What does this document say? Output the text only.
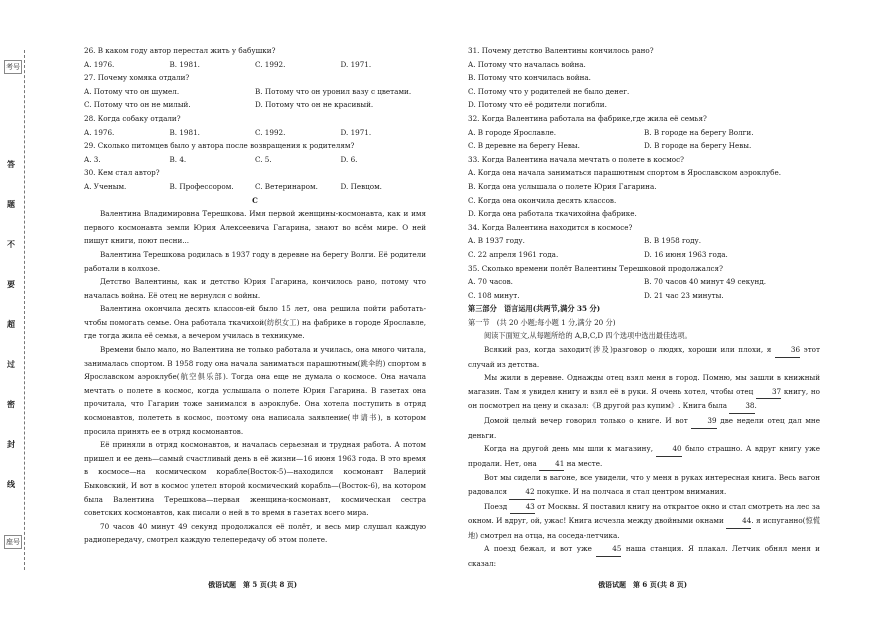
考号
答
题
不
要
超
过
密
封
线
座号
26. В каком году автор перестал жить у бабушки?
A. 1976.	B. 1981.	C. 1992.	D. 1971.
27. Почему хомяка отдали?
A. Потому что он шумел.	B. Потому что он уронил вазу с цветами.
C. Потому что он не милый.	D. Потому что он не красивый.
28. Когда собаку отдали?
A. 1976.	B. 1981.	C. 1992.	D. 1971.
29. Сколько питомцев было у автора после возвращения к родителям?
A. 3.	B. 4.	C. 5.	D. 6.
30. Кем стал автор?
A. Ученым.	B. Профессором.	C. Ветеринаром.	D. Певцом.
C
Валентина Владимировна Терешкова. Имя первой женщины-космонавта, как и имя первого космонавта земли Юрия Алексеевича Гагарина, знают во всём мире. О ней пишут книги, поют песни...
Валентина Терешкова родилась в 1937 году в деревне на берегу Волги. Её родители работали в колхозе.
Детство Валентины, как и детство Юрия Гагарина, кончилось рано, потому что началась война. Её отец не вернулся с войны.
Валентина окончила десять классов-ей было 15 лет, она решила пойти работать-чтобы помогать семье. Она работала ткачихой(纺织女工) на фабрике в городе Ярославле, где тогда жила её семья, а вечером училась в техникуме.
Времени было мало, но Валентина не только работала и училась, она много читала, занималась спортом. В 1958 году она начала заниматься парашютным(跳伞的) спортом в Ярославском аэроклубе(航空俱乐部). Тогда она еще не думала о космосе. Она начала мечтать о полете в космос, когда услышала о полете Юрия Гагарина. В газетах она прочитала, что Гагарин тоже занимался в аэроклубе. Она хотела поступить в отряд космонавтов, полететь в космос, поэтому она написала заявление(申请书), в котором просила принять ее в отряд космонавтов.
Её приняли в отряд космонавтов, и началась серьезная и трудная работа. А потом пришел и ее день—самый счастливый день в её жизни—16 июня 1963 года. В это время в космосе—на космическом корабле(Восток-5)—находился космонавт Валерий Быковский, И вот в космос улетел второй космический корабль—(Восток-6), на котором была Валентина Терешкова—первая женщина-космонавт, космическая сестра советских космонавтов, как писали о ней в то время в газетах всего мира.
70 часов 40 минут 49 секунд продолжался её полёт, и весь мир слушал каждую радиопередачу, смотрел каждую телепередачу об этом полете.
俄语试题　第 5 页(共 8 页)
31. Почему детство Валентины кончилось рано?
A. Потому что началась война.
B. Потому что кончилась война.
C. Потому что у родителей не было денег.
D. Потому что её родители погибли.
32. Когда Валентина работала на фабрике,где жила её семья?
A. В городе Ярославле.	B. В городе на берегу Волги.
C. В деревне на берегу Невы.	D. В городе на берегу Невы.
33. Когда Валентина начала мечтать о полете в космос?
A. Когда она начала заниматься парашютным спортом в Ярославском аэроклубе.
B. Когда она услышала о полете Юрия Гагарина.
C. Когда она окончила десять классов.
D. Когда она работала ткачихойна фабрике.
34. Когда Валентина находится в космосе?
A. В 1937 году.	B. В 1958 году.
C. 22 апреля 1961 года.	D. 16 июня 1963 года.
35. Сколько времени полёт Валентины Терешковой продолжался?
A. 70 часов.	B. 70 часов 40 минут 49 секунд.
C. 108 минут.	D. 21 час 23 минуты.
第三部分　语言运用(共两节,满分 35 分)
第一节　(共 20 小题;每小题 1 分,满分 20 分)
阅读下面短文,从每题所给的 A,B,C,D 四个选项中选出最佳选项。
Всякий раз, когда заходит(涉及)разговор о людях, хороши или плохи, я	36 этот случай из детства.
Мы жили в деревне. Однажды отец взял меня в город. Помню, мы зашли в книжный магазин. Там я увидел книгу и взял её в руки. Я очень хотел, чтобы отец	37 книгу, но он посмотрел на цену и сказал:《В другой раз купим》. Книга была	38.
Домой целый вечер говорил только о книге. И вот	39 две недели отец дал мне деньги.
Когда на другой день мы шли к магазину,	40 было страшно. А вдруг книгу уже продали. Нет, она	41 на месте.
Вот мы сидели в вагоне, все увидели, что у меня в руках интересная книга. Весь вагон радовался	42 покупке. И на полчаса я стал центром внимания.
Поезд	43 от Москвы. Я поставил книгу на открытое окно и стал смотреть на лес за окном. И вдруг, ой, ужас! Книга исчезла между двойными окнами	44. я испуганно(惊慌地) смотрел на отца, на соседа-летчика.
А поезд бежал, и вот уже	45 наша станция. Я плакал. Летчик обнял меня и сказал:
俄语试题　第 6 页(共 8 页)
